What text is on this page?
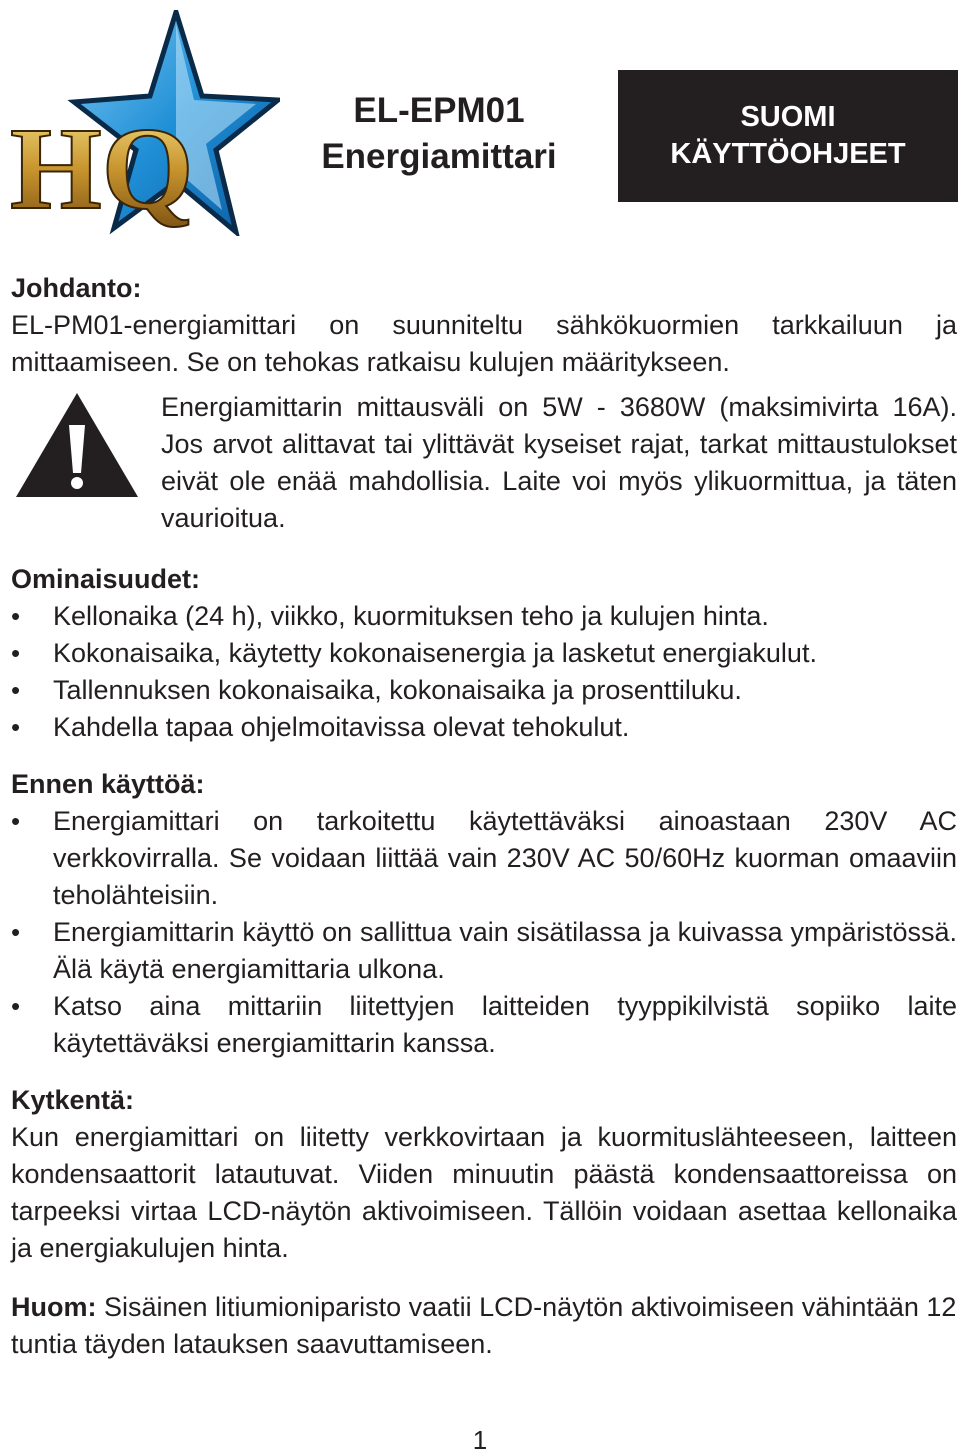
HQ	EL-EPM01
Energiamittari
SUOMI
KÄYTTÖOHJEET
Johdanto:

EL-PM01-energiamittari on suunniteltu sähkökuormien tarkkailuun ja mittaamiseen. Se on tehokas ratkaisu kulujen määritykseen.

Energiamittarin mittausväli on 5W - 3680W (maksimivirta 16A). Jos arvot alittavat tai ylittävät kyseiset rajat, tarkat mittaustulokset eivät ole enää mahdollisia. Laite voi myös ylikuormittua, ja täten vaurioitua.

Ominaisuudet:
• Kellonaika (24 h), viikko, kuormituksen teho ja kulujen hinta.
• Kokonaisaika, käytetty kokonaisenergia ja lasketut energiakulut.
• Tallennuksen kokonaisaika, kokonaisaika ja prosenttiluku.
• Kahdella tapaa ohjelmoitavissa olevat tehokulut.
Ennen käyttöä:
• Energiamittari on tarkoitettu käytettäväksi ainoastaan 230V AC verkkovirralla. Se voidaan liittää vain 230V AC 50/60Hz kuorman omaaviin teholähteisiin.
• Energiamittarin käyttö on sallittua vain sisätilassa ja kuivassa ympäristössä. Älä käytä energiamittaria ulkona.
• Katso aina mittariin liitettyjen laitteiden tyyppikilvistä sopiiko laite käytettäväksi energiamittarin kanssa.
Kytkentä:

Kun energiamittari on liitetty verkkovirtaan ja kuormituslähteeseen, laitteen kondensaattorit latautuvat. Viiden minuutin päästä kondensaattoreissa on tarpeeksi virtaa LCD-näytön aktivoimiseen. Tällöin voidaan asettaa kellonaika ja energiakulujen hinta.

Huom: Sisäinen litiumioniparisto vaatii LCD-näytön aktivoimiseen vähintään 12 tuntia täyden latauksen saavuttamiseen.

1
